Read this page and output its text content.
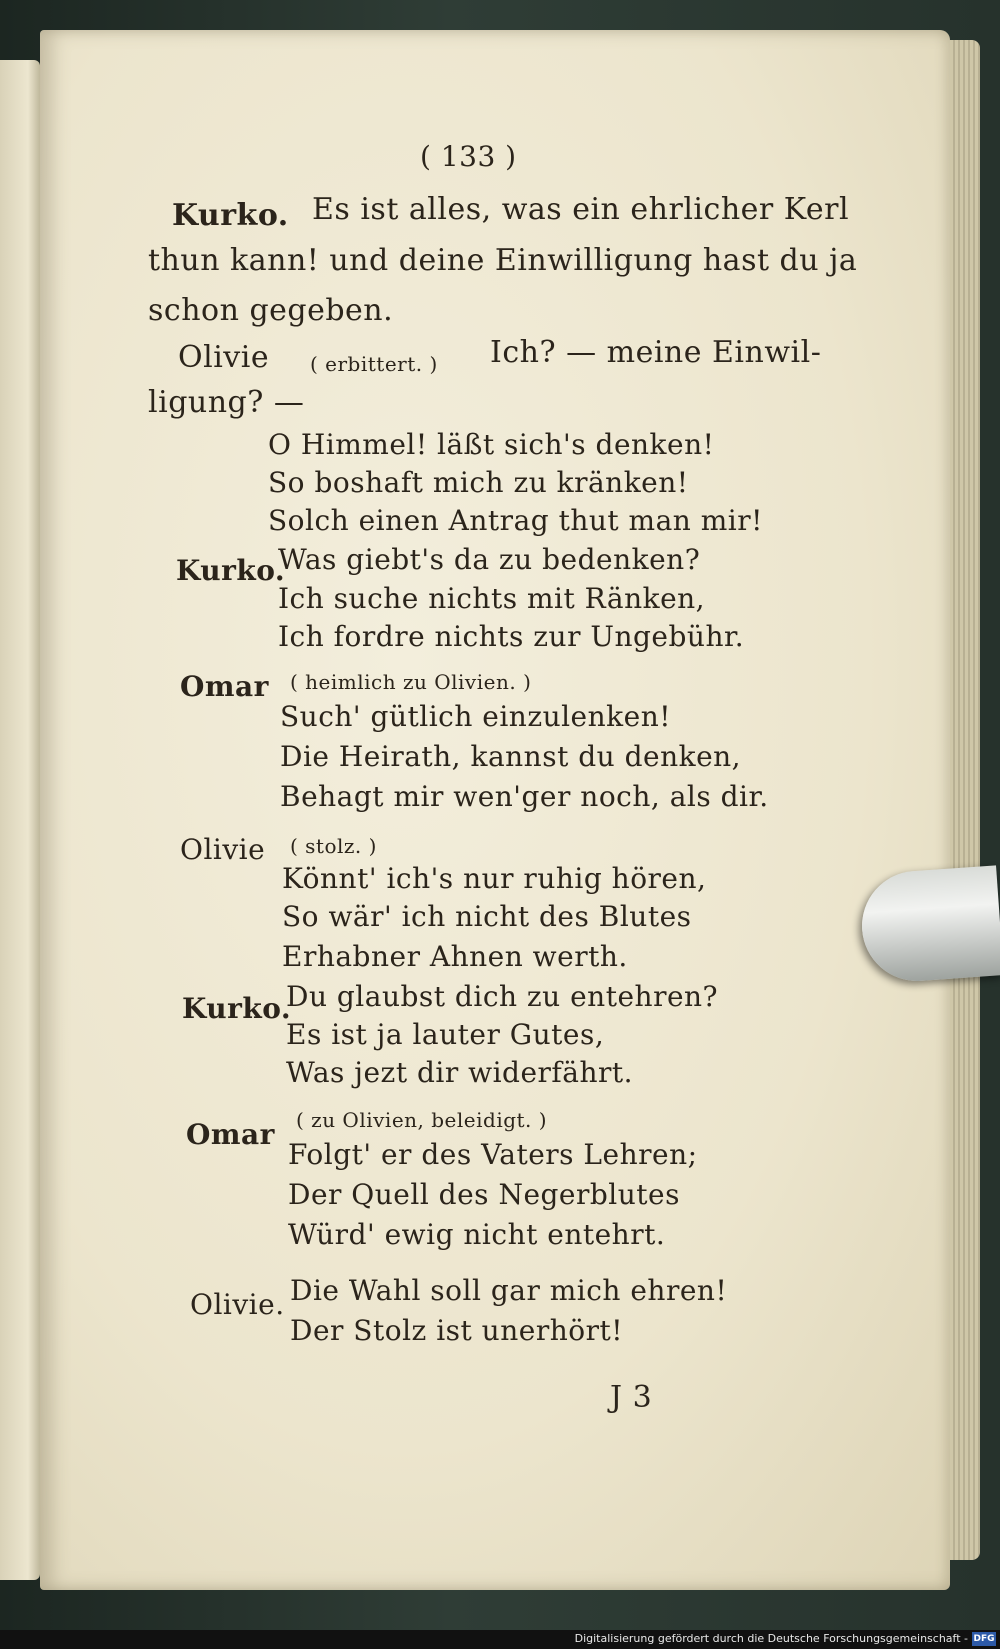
( 133 )
Kurko. Es ist alles, was ein ehrlicher Kerl
thun kann! und deine Einwilligung hast du ja
schon gegeben.
Olivie ( erbittert. ) Ich? — meine Einwil-
ligung? —
O Himmel! läßt sich's denken!
So boshaft mich zu kränken!
Solch einen Antrag thut man mir!
Kurko.
Was giebt's da zu bedenken?
Ich suche nichts mit Ränken,
Ich fordre nichts zur Ungebühr.
Omar ( heimlich zu Olivien. )
Such' gütlich einzulenken!
Die Heirath, kannst du denken,
Behagt mir wen'ger noch, als dir.
Olivie ( stolz. )
Könnt' ich's nur ruhig hören,
So wär' ich nicht des Blutes
Erhabner Ahnen werth.
Kurko.
Du glaubst dich zu entehren?
Es ist ja lauter Gutes,
Was jezt dir widerfährt.
Omar ( zu Olivien, beleidigt. )
Folgt' er des Vaters Lehren;
Der Quell des Negerblutes
Würd' ewig nicht entehrt.
Olivie. Die Wahl soll gar mich ehren!
Der Stolz ist unerhört!
J 3
Digitalisierung gefördert durch die Deutsche Forschungsgemeinschaft - DFG
